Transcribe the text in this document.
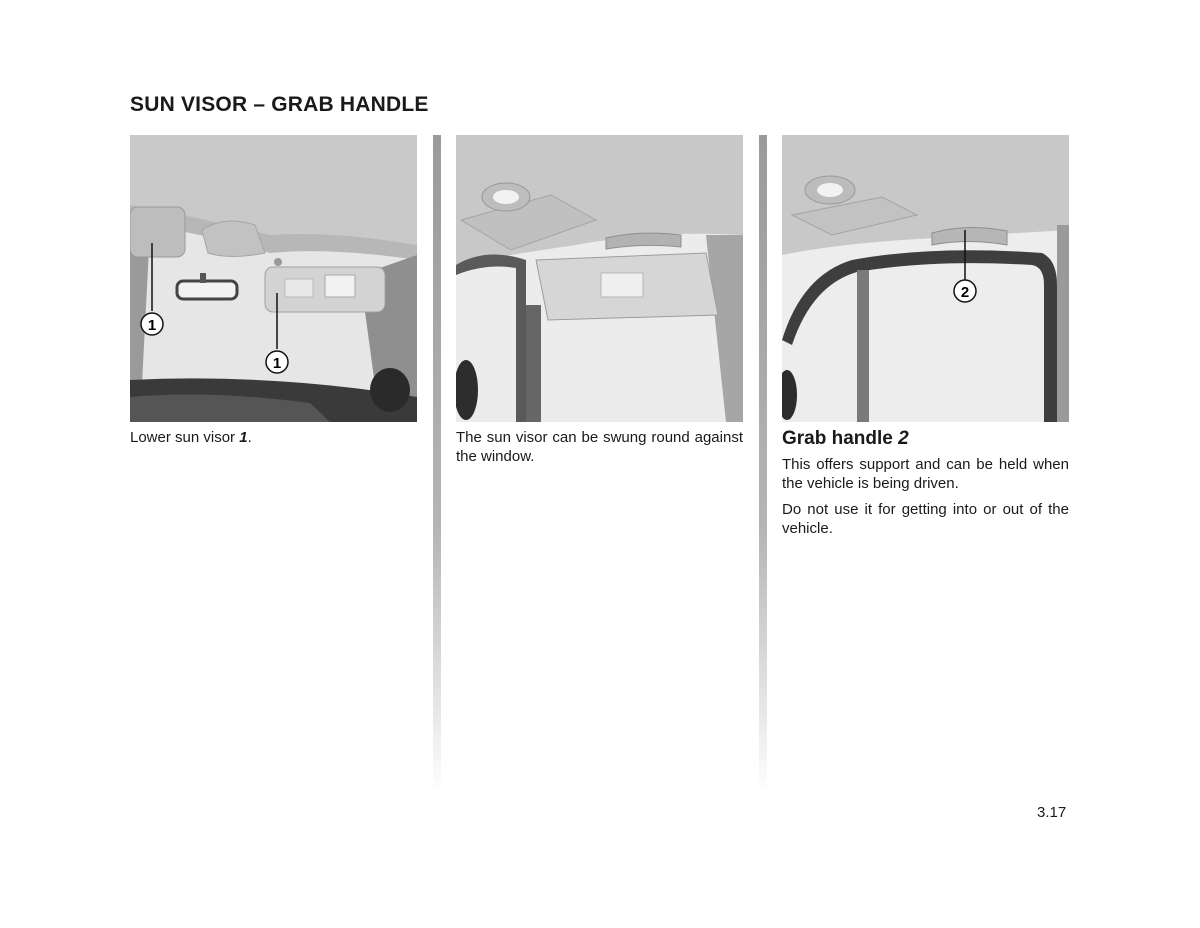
SUN VISOR – GRAB HANDLE
1
1

Lower sun visor 1.	The sun visor can be swung round against the window.

2
Grab handle 2

This offers support and can be held when the vehicle is being driven.

Do not use it for getting into or out of the vehicle.

3.17
